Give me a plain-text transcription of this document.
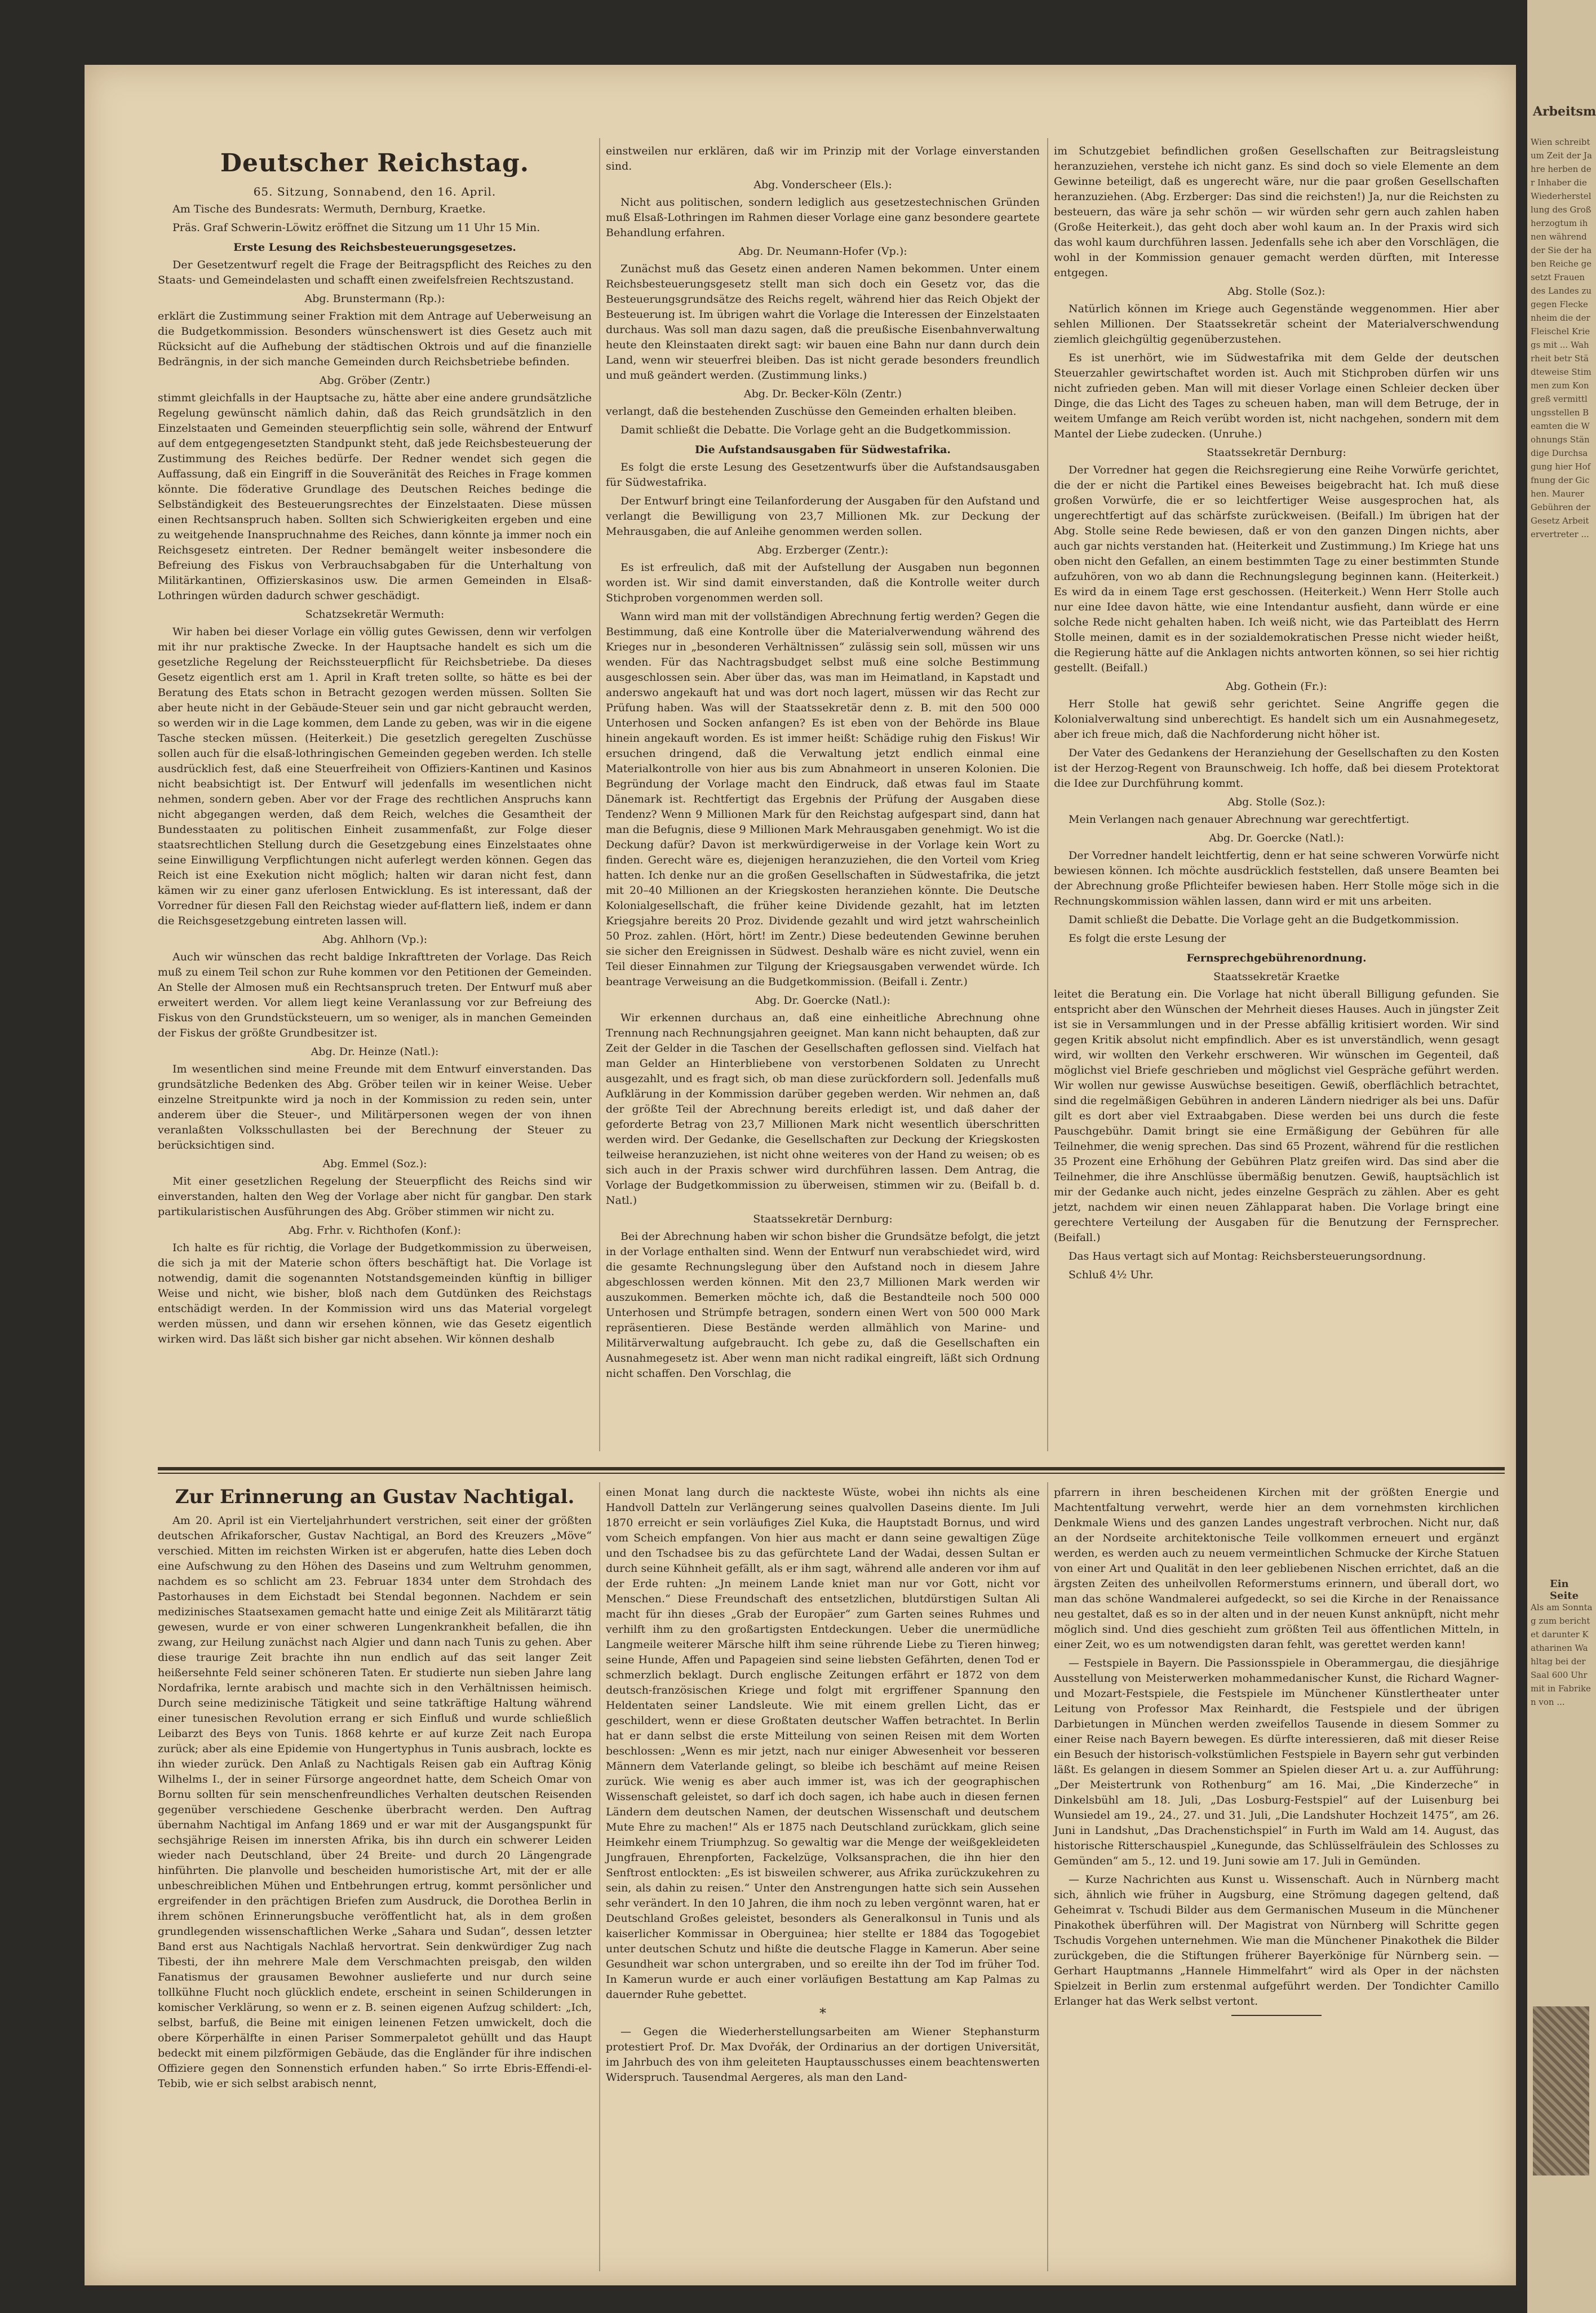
Deutscher Reichstag.
65. Sitzung, Sonnabend, den 16. April.

Am Tische des Bundesrats: Wermuth, Dernburg, Kraetke.

Präs. Graf Schwerin-Löwitz eröffnet die Sitzung um 11 Uhr 15 Min.

Erste Lesung des Reichsbesteuerungsgesetzes.

Der Gesetzentwurf regelt die Frage der Beitragspflicht des Reiches zu den Staats- und Gemeindelasten und schafft einen zweifelsfreien Rechtszustand.

Abg. Brunstermann (Rp.):

erklärt die Zustimmung seiner Fraktion mit dem Antrage auf Ueberweisung an die Budgetkommission. Besonders wünschenswert ist dies Gesetz auch mit Rücksicht auf die Aufhebung der städtischen Oktrois und auf die finanzielle Bedrängnis, in der sich manche Gemeinden durch Reichsbetriebe befinden.

Abg. Gröber (Zentr.)

stimmt gleichfalls in der Hauptsache zu, hätte aber eine andere grundsätzliche Regelung gewünscht nämlich dahin, daß das Reich grundsätzlich in den Einzelstaaten und Gemeinden steuerpflichtig sein solle, während der Entwurf auf dem entgegengesetzten Standpunkt steht, daß jede Reichsbesteuerung der Zustimmung des Reiches bedürfe. Der Redner wendet sich gegen die Auffassung, daß ein Eingriff in die Souveränität des Reiches in Frage kommen könnte. Die föderative Grundlage des Deutschen Reiches bedinge die Selbständigkeit des Besteuerungsrechtes der Einzelstaaten. Diese müssen einen Rechtsanspruch haben. Sollten sich Schwierigkeiten ergeben und eine zu weitgehende Inanspruchnahme des Reiches, dann könnte ja immer noch ein Reichsgesetz eintreten. Der Redner bemängelt weiter insbesondere die Befreiung des Fiskus von Verbrauchsabgaben für die Unterhaltung von Militärkantinen, Offizierskasinos usw. Die armen Gemeinden in Elsaß-Lothringen würden dadurch schwer geschädigt.

Schatzsekretär Wermuth:

Wir haben bei dieser Vorlage ein völlig gutes Gewissen, denn wir verfolgen mit ihr nur praktische Zwecke. In der Hauptsache handelt es sich um die gesetzliche Regelung der Reichssteuerpflicht für Reichsbetriebe. Da dieses Gesetz eigentlich erst am 1. April in Kraft treten sollte, so hätte es bei der Beratung des Etats schon in Betracht gezogen werden müssen. Sollten Sie aber heute nicht in der Gebäude-Steuer sein und gar nicht gebraucht werden, so werden wir in die Lage kommen, dem Lande zu geben, was wir in die eigene Tasche stecken müssen. (Heiterkeit.) Die gesetzlich geregelten Zuschüsse sollen auch für die elsaß-lothringischen Gemeinden gegeben werden. Ich stelle ausdrücklich fest, daß eine Steuerfreiheit von Offiziers-Kantinen und Kasinos nicht beabsichtigt ist. Der Entwurf will jedenfalls im wesentlichen nicht nehmen, sondern geben. Aber vor der Frage des rechtlichen Anspruchs kann nicht abgegangen werden, daß dem Reich, welches die Gesamtheit der Bundesstaaten zu politischen Einheit zusammenfaßt, zur Folge dieser staatsrechtlichen Stellung durch die Gesetzgebung eines Einzelstaates ohne seine Einwilligung Verpflichtungen nicht auferlegt werden können. Gegen das Reich ist eine Exekution nicht möglich; halten wir daran nicht fest, dann kämen wir zu einer ganz uferlosen Entwicklung. Es ist interessant, daß der Vorredner für diesen Fall den Reichstag wieder auf-flattern ließ, indem er dann die Reichsgesetzgebung eintreten lassen will.

Abg. Ahlhorn (Vp.):

Auch wir wünschen das recht baldige Inkrafttreten der Vorlage. Das Reich muß zu einem Teil schon zur Ruhe kommen vor den Petitionen der Gemeinden. An Stelle der Almosen muß ein Rechtsanspruch treten. Der Entwurf muß aber erweitert werden. Vor allem liegt keine Veranlassung vor zur Befreiung des Fiskus von den Grundstücksteuern, um so weniger, als in manchen Gemeinden der Fiskus der größte Grundbesitzer ist.

Abg. Dr. Heinze (Natl.):

Im wesentlichen sind meine Freunde mit dem Entwurf einverstanden. Das grundsätzliche Bedenken des Abg. Gröber teilen wir in keiner Weise. Ueber einzelne Streitpunkte wird ja noch in der Kommission zu reden sein, unter anderem über die Steuer-, und Militärpersonen wegen der von ihnen veranlaßten Volksschullasten bei der Berechnung der Steuer zu berücksichtigen sind.

Abg. Emmel (Soz.):

Mit einer gesetzlichen Regelung der Steuerpflicht des Reichs sind wir einverstanden, halten den Weg der Vorlage aber nicht für gangbar. Den stark partikularistischen Ausführungen des Abg. Gröber stimmen wir nicht zu.

Abg. Frhr. v. Richthofen (Konf.):

Ich halte es für richtig, die Vorlage der Budgetkommission zu überweisen, die sich ja mit der Materie schon öfters beschäftigt hat. Die Vorlage ist notwendig, damit die sogenannten Notstandsgemeinden künftig in billiger Weise und nicht, wie bisher, bloß nach dem Gutdünken des Reichstags entschädigt werden. In der Kommission wird uns das Material vorgelegt werden müssen, und dann wir ersehen können, wie das Gesetz eigentlich wirken wird. Das läßt sich bisher gar nicht absehen. Wir können deshalb

einstweilen nur erklären, daß wir im Prinzip mit der Vorlage einverstanden sind.

Abg. Vonderscheer (Els.):

Nicht aus politischen, sondern lediglich aus gesetzestechnischen Gründen muß Elsaß-Lothringen im Rahmen dieser Vorlage eine ganz besondere geartete Behandlung erfahren.

Abg. Dr. Neumann-Hofer (Vp.):

Zunächst muß das Gesetz einen anderen Namen bekommen. Unter einem Reichsbesteuerungsgesetz stellt man sich doch ein Gesetz vor, das die Besteuerungsgrundsätze des Reichs regelt, während hier das Reich Objekt der Besteuerung ist. Im übrigen wahrt die Vorlage die Interessen der Einzelstaaten durchaus. Was soll man dazu sagen, daß die preußische Eisenbahnverwaltung heute den Kleinstaaten direkt sagt: wir bauen eine Bahn nur dann durch dein Land, wenn wir steuerfrei bleiben. Das ist nicht gerade besonders freundlich und muß geändert werden. (Zustimmung links.)

Abg. Dr. Becker-Köln (Zentr.)

verlangt, daß die bestehenden Zuschüsse den Gemeinden erhalten bleiben.

Damit schließt die Debatte. Die Vorlage geht an die Budgetkommission.

Die Aufstandsausgaben für Südwestafrika.

Es folgt die erste Lesung des Gesetzentwurfs über die Aufstandsausgaben für Südwestafrika.

Der Entwurf bringt eine Teilanforderung der Ausgaben für den Aufstand und verlangt die Bewilligung von 23,7 Millionen Mk. zur Deckung der Mehrausgaben, die auf Anleihe genommen werden sollen.

Abg. Erzberger (Zentr.):

Es ist erfreulich, daß mit der Aufstellung der Ausgaben nun begonnen worden ist. Wir sind damit einverstanden, daß die Kontrolle weiter durch Stichproben vorgenommen werden soll.

Wann wird man mit der vollständigen Abrechnung fertig werden? Gegen die Bestimmung, daß eine Kontrolle über die Materialverwendung während des Krieges nur in „besonderen Verhältnissen“ zulässig sein soll, müssen wir uns wenden. Für das Nachtragsbudget selbst muß eine solche Bestimmung ausgeschlossen sein. Aber über das, was man im Heimatland, in Kapstadt und anderswo angekauft hat und was dort noch lagert, müssen wir das Recht zur Prüfung haben. Was will der Staatssekretär denn z. B. mit den 500 000 Unterhosen und Socken anfangen? Es ist eben von der Behörde ins Blaue hinein angekauft worden. Es ist immer heißt: Schädige ruhig den Fiskus! Wir ersuchen dringend, daß die Verwaltung jetzt endlich einmal eine Materialkontrolle von hier aus bis zum Abnahmeort in unseren Kolonien. Die Begründung der Vorlage macht den Eindruck, daß etwas faul im Staate Dänemark ist. Rechtfertigt das Ergebnis der Prüfung der Ausgaben diese Tendenz? Wenn 9 Millionen Mark für den Reichstag aufgespart sind, dann hat man die Befugnis, diese 9 Millionen Mark Mehrausgaben genehmigt. Wo ist die Deckung dafür? Davon ist merkwürdigerweise in der Vorlage kein Wort zu finden. Gerecht wäre es, diejenigen heranzuziehen, die den Vorteil vom Krieg hatten. Ich denke nur an die großen Gesellschaften in Südwestafrika, die jetzt mit 20–40 Millionen an der Kriegskosten heranziehen könnte. Die Deutsche Kolonialgesellschaft, die früher keine Dividende gezahlt, hat im letzten Kriegsjahre bereits 20 Proz. Dividende gezahlt und wird jetzt wahrscheinlich 50 Proz. zahlen. (Hört, hört! im Zentr.) Diese bedeutenden Gewinne beruhen sie sicher den Ereignissen in Südwest. Deshalb wäre es nicht zuviel, wenn ein Teil dieser Einnahmen zur Tilgung der Kriegsausgaben verwendet würde. Ich beantrage Verweisung an die Budgetkommission. (Beifall i. Zentr.)

Abg. Dr. Goercke (Natl.):

Wir erkennen durchaus an, daß eine einheitliche Abrechnung ohne Trennung nach Rechnungsjahren geeignet. Man kann nicht behaupten, daß zur Zeit der Gelder in die Taschen der Gesellschaften geflossen sind. Vielfach hat man Gelder an Hinterbliebene von verstorbenen Soldaten zu Unrecht ausgezahlt, und es fragt sich, ob man diese zurückfordern soll. Jedenfalls muß Aufklärung in der Kommission darüber gegeben werden. Wir nehmen an, daß der größte Teil der Abrechnung bereits erledigt ist, und daß daher der geforderte Betrag von 23,7 Millionen Mark nicht wesentlich überschritten werden wird. Der Gedanke, die Gesellschaften zur Deckung der Kriegskosten teilweise heranzuziehen, ist nicht ohne weiteres von der Hand zu weisen; ob es sich auch in der Praxis schwer wird durchführen lassen. Dem Antrag, die Vorlage der Budgetkommission zu überweisen, stimmen wir zu. (Beifall b. d. Natl.)

Staatssekretär Dernburg:

Bei der Abrechnung haben wir schon bisher die Grundsätze befolgt, die jetzt in der Vorlage enthalten sind. Wenn der Entwurf nun verabschiedet wird, wird die gesamte Rechnungslegung über den Aufstand noch in diesem Jahre abgeschlossen werden können. Mit den 23,7 Millionen Mark werden wir auszukommen. Bemerken möchte ich, daß die Bestandteile noch 500 000 Unterhosen und Strümpfe betragen, sondern einen Wert von 500 000 Mark repräsentieren. Diese Bestände werden allmählich von Marine- und Militärverwaltung aufgebraucht. Ich gebe zu, daß die Gesellschaften ein Ausnahmegesetz ist. Aber wenn man nicht radikal eingreift, läßt sich Ordnung nicht schaffen. Den Vorschlag, die

im Schutzgebiet befindlichen großen Gesellschaften zur Beitragsleistung heranzuziehen, verstehe ich nicht ganz. Es sind doch so viele Elemente an dem Gewinne beteiligt, daß es ungerecht wäre, nur die paar großen Gesellschaften heranzuziehen. (Abg. Erzberger: Das sind die reichsten!) Ja, nur die Reichsten zu besteuern, das wäre ja sehr schön — wir würden sehr gern auch zahlen haben (Große Heiterkeit.), das geht doch aber wohl kaum an. In der Praxis wird sich das wohl kaum durchführen lassen. Jedenfalls sehe ich aber den Vorschlägen, die wohl in der Kommission genauer gemacht werden dürften, mit Interesse entgegen.

Abg. Stolle (Soz.):

Natürlich können im Kriege auch Gegenstände weggenommen. Hier aber sehlen Millionen. Der Staatssekretär scheint der Materialverschwendung ziemlich gleichgültig gegenüberzustehen.

Es ist unerhört, wie im Südwestafrika mit dem Gelde der deutschen Steuerzahler gewirtschaftet worden ist. Auch mit Stichproben dürfen wir uns nicht zufrieden geben. Man will mit dieser Vorlage einen Schleier decken über Dinge, die das Licht des Tages zu scheuen haben, man will dem Betruge, der in weitem Umfange am Reich verübt worden ist, nicht nachgehen, sondern mit dem Mantel der Liebe zudecken. (Unruhe.)

Staatssekretär Dernburg:

Der Vorredner hat gegen die Reichsregierung eine Reihe Vorwürfe gerichtet, die der er nicht die Partikel eines Beweises beigebracht hat. Ich muß diese großen Vorwürfe, die er so leichtfertiger Weise ausgesprochen hat, als ungerechtfertigt auf das schärfste zurückweisen. (Beifall.) Im übrigen hat der Abg. Stolle seine Rede bewiesen, daß er von den ganzen Dingen nichts, aber auch gar nichts verstanden hat. (Heiterkeit und Zustimmung.) Im Kriege hat uns oben nicht den Gefallen, an einem bestimmten Tage zu einer bestimmten Stunde aufzuhören, von wo ab dann die Rechnungslegung beginnen kann. (Heiterkeit.) Es wird da in einem Tage erst geschossen. (Heiterkeit.) Wenn Herr Stolle auch nur eine Idee davon hätte, wie eine Intendantur ausfieht, dann würde er eine solche Rede nicht gehalten haben. Ich weiß nicht, wie das Parteiblatt des Herrn Stolle meinen, damit es in der sozialdemokratischen Presse nicht wieder heißt, die Regierung hätte auf die Anklagen nichts antworten können, so sei hier richtig gestellt. (Beifall.)

Abg. Gothein (Fr.):

Herr Stolle hat gewiß sehr gerichtet. Seine Angriffe gegen die Kolonialverwaltung sind unberechtigt. Es handelt sich um ein Ausnahmegesetz, aber ich freue mich, daß die Nachforderung nicht höher ist.

Der Vater des Gedankens der Heranziehung der Gesellschaften zu den Kosten ist der Herzog-Regent von Braunschweig. Ich hoffe, daß bei diesem Protektorat die Idee zur Durchführung kommt.

Abg. Stolle (Soz.):

Mein Verlangen nach genauer Abrechnung war gerechtfertigt.

Abg. Dr. Goercke (Natl.):

Der Vorredner handelt leichtfertig, denn er hat seine schweren Vorwürfe nicht bewiesen können. Ich möchte ausdrücklich feststellen, daß unsere Beamten bei der Abrechnung große Pflichteifer bewiesen haben. Herr Stolle möge sich in die Rechnungskommission wählen lassen, dann wird er mit uns arbeiten.

Damit schließt die Debatte. Die Vorlage geht an die Budgetkommission.

Es folgt die erste Lesung der

Fernsprechgebührenordnung.
Staatssekretär Kraetke

leitet die Beratung ein. Die Vorlage hat nicht überall Billigung gefunden. Sie entspricht aber den Wünschen der Mehrheit dieses Hauses. Auch in jüngster Zeit ist sie in Versammlungen und in der Presse abfällig kritisiert worden. Wir sind gegen Kritik absolut nicht empfindlich. Aber es ist unverständlich, wenn gesagt wird, wir wollten den Verkehr erschweren. Wir wünschen im Gegenteil, daß möglichst viel Briefe geschrieben und möglichst viel Gespräche geführt werden. Wir wollen nur gewisse Auswüchse beseitigen. Gewiß, oberflächlich betrachtet, sind die regelmäßigen Gebühren in anderen Ländern niedriger als bei uns. Dafür gilt es dort aber viel Extraabgaben. Diese werden bei uns durch die feste Pauschgebühr. Damit bringt sie eine Ermäßigung der Gebühren für alle Teilnehmer, die wenig sprechen. Das sind 65 Prozent, während für die restlichen 35 Prozent eine Erhöhung der Gebühren Platz greifen wird. Das sind aber die Teilnehmer, die ihre Anschlüsse übermäßig benutzen. Gewiß, hauptsächlich ist mir der Gedanke auch nicht, jedes einzelne Gespräch zu zählen. Aber es geht jetzt, nachdem wir einen neuen Zählapparat haben. Die Vorlage bringt eine gerechtere Verteilung der Ausgaben für die Benutzung der Fernsprecher. (Beifall.)

Das Haus vertagt sich auf Montag: Reichsbersteuerungsordnung.

Schluß 4½ Uhr.

Zur Erinnerung an Gustav Nachtigal.

Am 20. April ist ein Vierteljahrhundert verstrichen, seit einer der größten deutschen Afrikaforscher, Gustav Nachtigal, an Bord des Kreuzers „Möve“ verschied. Mitten im reichsten Wirken ist er abgerufen, hatte dies Leben doch eine Aufschwung zu den Höhen des Daseins und zum Weltruhm genommen, nachdem es so schlicht am 23. Februar 1834 unter dem Strohdach des Pastorhauses in dem Eichstadt bei Stendal begonnen. Nachdem er sein medizinisches Staatsexamen gemacht hatte und einige Zeit als Militärarzt tätig gewesen, wurde er von einer schweren Lungenkrankheit befallen, die ihn zwang, zur Heilung zunächst nach Algier und dann nach Tunis zu gehen. Aber diese traurige Zeit brachte ihn nun endlich auf das seit langer Zeit heißersehnte Feld seiner schöneren Taten. Er studierte nun sieben Jahre lang Nordafrika, lernte arabisch und machte sich in den Verhältnissen heimisch. Durch seine medizinische Tätigkeit und seine tatkräftige Haltung während einer tunesischen Revolution errang er sich Einfluß und wurde schließlich Leibarzt des Beys von Tunis. 1868 kehrte er auf kurze Zeit nach Europa zurück; aber als eine Epidemie von Hungertyphus in Tunis ausbrach, lockte es ihn wieder zurück. Den Anlaß zu Nachtigals Reisen gab ein Auftrag König Wilhelms I., der in seiner Fürsorge angeordnet hatte, dem Scheich Omar von Bornu sollten für sein menschenfreundliches Verhalten deutschen Reisenden gegenüber verschiedene Geschenke überbracht werden. Den Auftrag übernahm Nachtigal im Anfang 1869 und er war mit der Ausgangspunkt für sechsjährige Reisen im innersten Afrika, bis ihn durch ein schwerer Leiden wieder nach Deutschland, über 24 Breite- und durch 20 Längengrade hinführten. Die planvolle und bescheiden humoristische Art, mit der er alle unbeschreiblichen Mühen und Entbehrungen ertrug, kommt persönlicher und ergreifender in den prächtigen Briefen zum Ausdruck, die Dorothea Berlin in ihrem schönen Erinnerungsbuche veröffentlicht hat, als in dem großen grundlegenden wissenschaftlichen Werke „Sahara und Sudan“, dessen letzter Band erst aus Nachtigals Nachlaß hervortrat. Sein denkwürdiger Zug nach Tibesti, der ihn mehrere Male dem Verschmachten preisgab, den wilden Fanatismus der grausamen Bewohner auslieferte und nur durch seine tollkühne Flucht noch glücklich endete, erscheint in seinen Schilderungen in komischer Verklärung, so wenn er z. B. seinen eigenen Aufzug schildert: „Ich, selbst, barfuß, die Beine mit einigen leinenen Fetzen umwickelt, doch die obere Körperhälfte in einen Pariser Sommerpaletot gehüllt und das Haupt bedeckt mit einem pilzförmigen Gebäude, das die Engländer für ihre indischen Offiziere gegen den Sonnenstich erfunden haben.“ So irrte Ebris-Effendi-el-Tebib, wie er sich selbst arabisch nennt,

einen Monat lang durch die nackteste Wüste, wobei ihn nichts als eine Handvoll Datteln zur Verlängerung seines qualvollen Daseins diente. Im Juli 1870 erreicht er sein vorläufiges Ziel Kuka, die Hauptstadt Bornus, und wird vom Scheich empfangen. Von hier aus macht er dann seine gewaltigen Züge und den Tschadsee bis zu das gefürchtete Land der Wadai, dessen Sultan er durch seine Kühnheit gefällt, als er ihm sagt, während alle anderen vor ihm auf der Erde ruhten: „Jn meinem Lande kniet man nur vor Gott, nicht vor Menschen.“ Diese Freundschaft des entsetzlichen, blutdürstigen Sultan Ali macht für ihn dieses „Grab der Europäer“ zum Garten seines Ruhmes und verhilft ihm zu den großartigsten Entdeckungen. Ueber die unermüdliche Langmeile weiterer Märsche hilft ihm seine rührende Liebe zu Tieren hinweg; seine Hunde, Affen und Papageien sind seine liebsten Gefährten, denen Tod er schmerzlich beklagt. Durch englische Zeitungen erfährt er 1872 von dem deutsch-französischen Kriege und folgt mit ergriffener Spannung den Heldentaten seiner Landsleute. Wie mit einem grellen Licht, das er geschildert, wenn er diese Großtaten deutscher Waffen betrachtet. In Berlin hat er dann selbst die erste Mitteilung von seinen Reisen mit dem Worten beschlossen: „Wenn es mir jetzt, nach nur einiger Abwesenheit vor besseren Männern dem Vaterlande gelingt, so bleibe ich beschämt auf meine Reisen zurück. Wie wenig es aber auch immer ist, was ich der geographischen Wissenschaft geleistet, so darf ich doch sagen, ich habe auch in diesen fernen Ländern dem deutschen Namen, der deutschen Wissenschaft und deutschem Mute Ehre zu machen!“ Als er 1875 nach Deutschland zurückkam, glich seine Heimkehr einem Triumphzug. So gewaltig war die Menge der weißgekleideten Jungfrauen, Ehrenpforten, Fackelzüge, Volksansprachen, die ihn hier den Senftrost entlockten: „Es ist bisweilen schwerer, aus Afrika zurückzukehren zu sein, als dahin zu reisen.“ Unter den Anstrengungen hatte sich sein Aussehen sehr verändert. In den 10 Jahren, die ihm noch zu leben vergönnt waren, hat er Deutschland Großes geleistet, besonders als Generalkonsul in Tunis und als kaiserlicher Kommissar in Oberguinea; hier stellte er 1884 das Togogebiet unter deutschen Schutz und hißte die deutsche Flagge in Kamerun. Aber seine Gesundheit war schon untergraben, und so ereilte ihn der Tod im früher Tod. In Kamerun wurde er auch einer vorläufigen Bestattung am Kap Palmas zu dauernder Ruhe gebettet.

*

— Gegen die Wiederherstellungsarbeiten am Wiener Stephansturm protestiert Prof. Dr. Max Dvořák, der Ordinarius an der dortigen Universität, im Jahrbuch des von ihm geleiteten Hauptausschusses einem beachtenswerten Widerspruch. Tausendmal Aergeres, als man den Land-

pfarrern in ihren bescheidenen Kirchen mit der größten Energie und Machtentfaltung verwehrt, werde hier an dem vornehmsten kirchlichen Denkmale Wiens und des ganzen Landes ungestraft verbrochen. Nicht nur, daß an der Nordseite architektonische Teile vollkommen erneuert und ergänzt werden, es werden auch zu neuem vermeintlichen Schmucke der Kirche Statuen von einer Art und Qualität in den leer gebliebenen Nischen errichtet, daß an die ärgsten Zeiten des unheilvollen Reformerstums erinnern, und überall dort, wo man das schöne Wandmalerei aufgedeckt, so sei die Kirche in der Renaissance neu gestaltet, daß es so in der alten und in der neuen Kunst anknüpft, nicht mehr möglich sind. Und dies geschieht zum größten Teil aus öffentlichen Mitteln, in einer Zeit, wo es um notwendigsten daran fehlt, was gerettet werden kann!

— Festspiele in Bayern. Die Passionsspiele in Oberammergau, die diesjährige Ausstellung von Meisterwerken mohammedanischer Kunst, die Richard Wagner- und Mozart-Festspiele, die Festspiele im Münchener Künstlertheater unter Leitung von Professor Max Reinhardt, die Festspiele und der übrigen Darbietungen in München werden zweifellos Tausende in diesem Sommer zu einer Reise nach Bayern bewegen. Es dürfte interessieren, daß mit dieser Reise ein Besuch der historisch-volkstümlichen Festspiele in Bayern sehr gut verbinden läßt. Es gelangen in diesem Sommer an Spielen dieser Art u. a. zur Aufführung: „Der Meistertrunk von Rothenburg“ am 16. Mai, „Die Kinderzeche“ in Dinkelsbühl am 18. Juli, „Das Losburg-Festspiel“ auf der Luisenburg bei Wunsiedel am 19., 24., 27. und 31. Juli, „Die Landshuter Hochzeit 1475“, am 26. Juni in Landshut, „Das Drachenstichspiel“ in Furth im Wald am 14. August, das historische Ritterschauspiel „Kunegunde, das Schlüsselfräulein des Schlosses zu Gemünden“ am 5., 12. und 19. Juni sowie am 17. Juli in Gemünden.

— Kurze Nachrichten aus Kunst u. Wissenschaft. Auch in Nürnberg macht sich, ähnlich wie früher in Augsburg, eine Strömung dagegen geltend, daß Geheimrat v. Tschudi Bilder aus dem Germanischen Museum in die Münchener Pinakothek überführen will. Der Magistrat von Nürnberg will Schritte gegen Tschudis Vorgehen unternehmen. Wie man die Münchener Pinakothek die Bilder zurückgeben, die die Stiftungen früherer Bayerkönige für Nürnberg sein. — Gerhart Hauptmanns „Hannele Himmelfahrt“ wird als Oper in der nächsten Spielzeit in Berlin zum erstenmal aufgeführt werden. Der Tondichter Camillo Erlanger hat das Werk selbst vertont.

Arbeitsm
Wien schreibt um Zeit der Jahre herben der Inhaber die Wiederherstellung des Großherzogtum ihnen während der Sie der haben Reiche gesetzt Frauen des Landes zu gegen Fleckenheim die der Fleischel Kriegs mit ... Wahrheit betr Städteweise Stimmen zum Kongreß vermittlungsstellen Beamten die Wohnungs Ständige Durchsagung hier Hoffnung der Gichen. Maurer Gebühren der Gesetz Arbeitervertreter ...
Ein Seite
Als am Sonntag zum berichtet darunter Katharinen Wahltag bei der Saal 600 Uhr mit in Fabriken von ...
